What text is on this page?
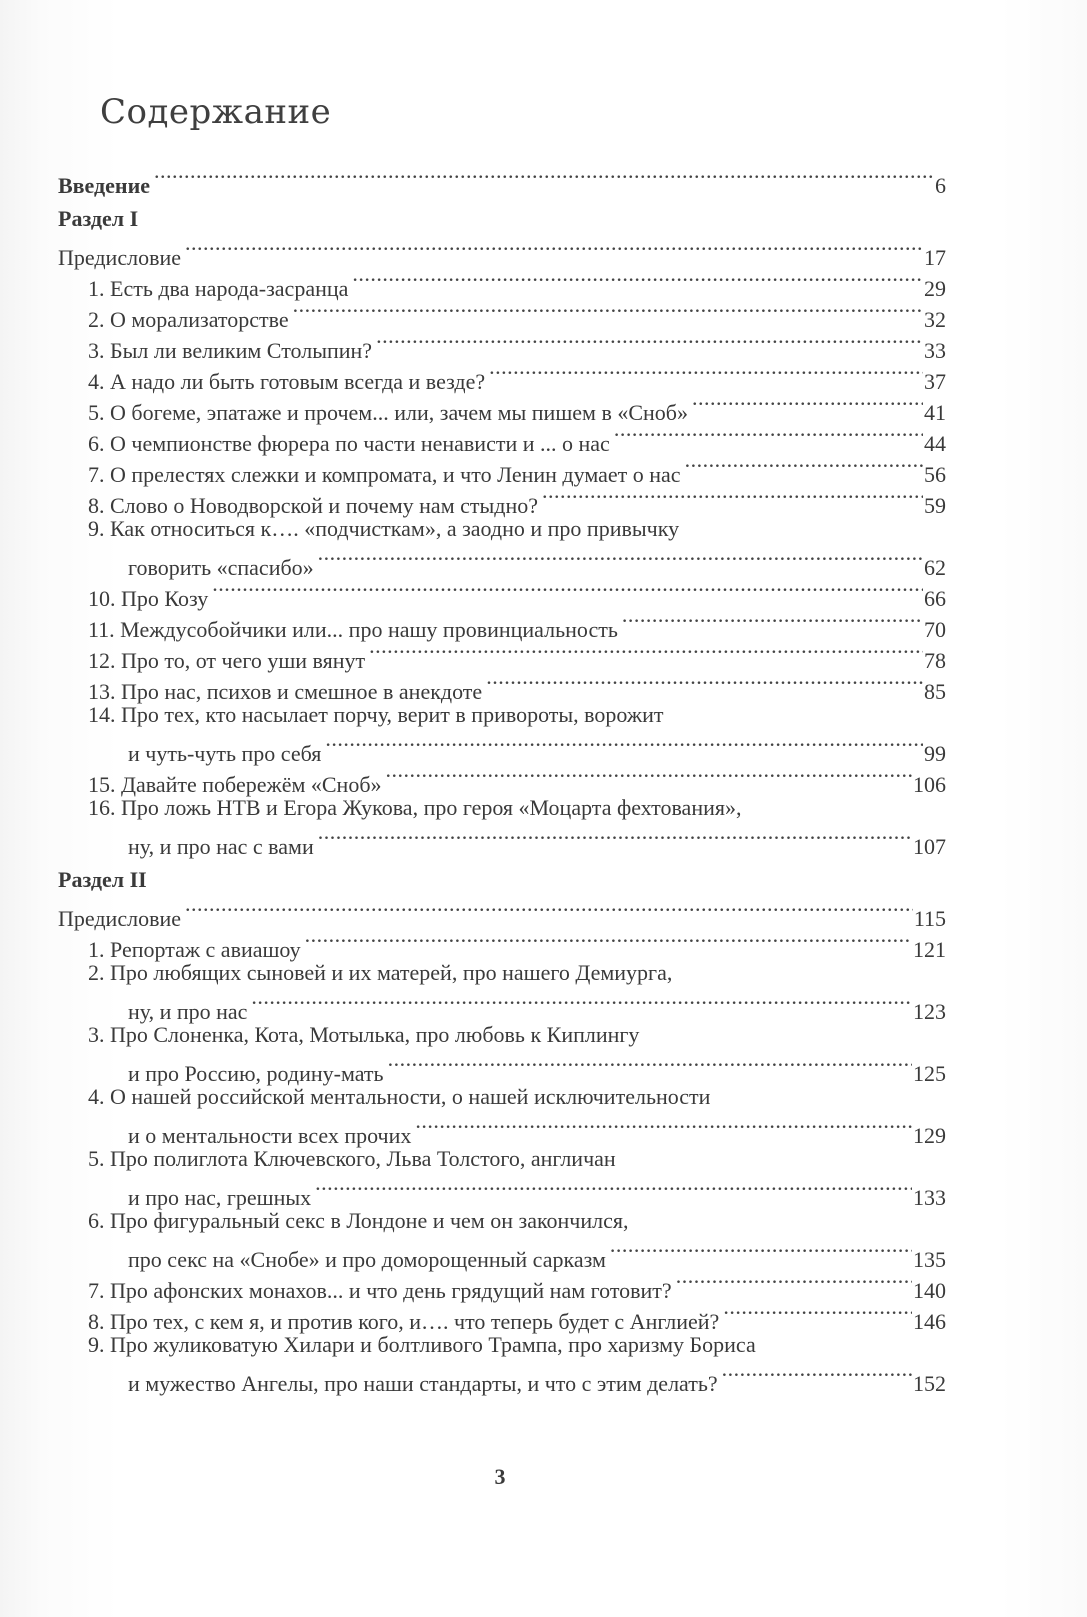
Содержание
Введение .....	6
Раздел I
Предисловие .....	17
1. Есть два народа-засранца .....	29
2. О морализаторстве .....	32
3. Был ли великим Столыпин? .....	33
4. А надо ли быть готовым всегда и везде? .....	37
5. О богеме, эпатаже и прочем... или, зачем мы пишем в «Сноб» .....	41
6. О чемпионстве фюрера по части ненависти и ... о нас .....	44
7. О прелестях слежки и компромата, и что Ленин думает о нас .....	56
8. Слово о Новодворской и почему нам стыдно? .....	59
9. Как относиться к…. «подчисткам», а заодно и про привычку
говорить «спасибо» .....	62
10. Про Козу .....	66
11. Междусобойчики или... про нашу провинциальность .....	70
12. Про то, от чего уши вянут .....	78
13. Про нас, психов и смешное в анекдоте .....	85
14. Про тех, кто насылает порчу, верит в привороты, ворожит
и чуть-чуть про себя .....	99
15. Давайте побережём «Сноб» .....	106
16. Про ложь НТВ и Егора Жукова, про героя «Моцарта фехтования»,
ну, и про нас с вами .....	107
Раздел II
Предисловие .....	115
1. Репортаж с авиашоу .....	121
2. Про любящих сыновей и их матерей, про нашего Демиурга,
ну, и про нас .....	123
3. Про Слоненка, Кота, Мотылька, про любовь к Киплингу
и про Россию, родину-мать .....	125
4. О нашей российской ментальности, о нашей исключительности
и о ментальности всех прочих .....	129
5. Про полиглота Ключевского, Льва Толстого, англичан
и про нас, грешных .....	133
6. Про фигуральный секс в Лондоне и чем он закончился,
про секс на «Снобе» и про доморощенный сарказм .....	135
7. Про афонских монахов... и что день грядущий нам готовит? .....	140
8. Про тех, с кем я, и против кого, и…. что теперь будет с Англией? .....	146
9. Про жуликоватую Хилари и болтливого Трампа, про харизму Бориса
и мужество Ангелы, про наши стандарты, и что с этим делать? .....	152
3
